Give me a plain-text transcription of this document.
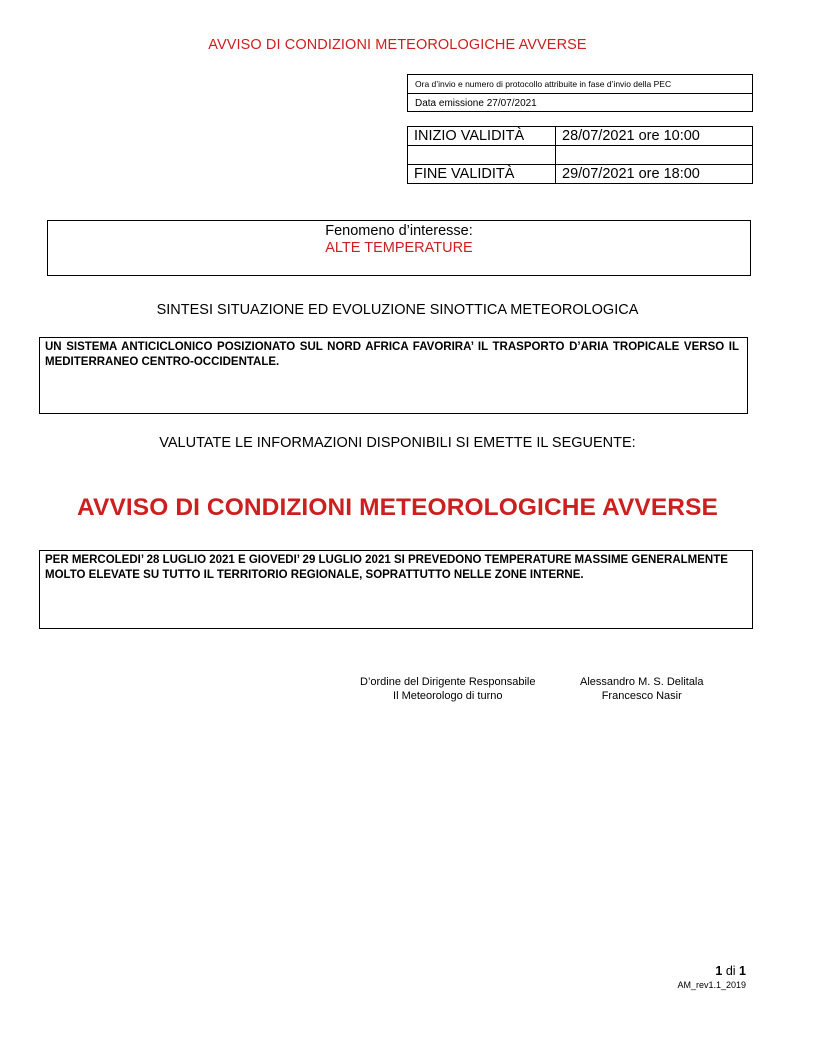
AVVISO DI CONDIZIONI METEOROLOGICHE AVVERSE
Ora d’invio e numero di protocollo attribuite in fase d’invio della PEC
Data emissione 27/07/2021
INIZIO VALIDITÀ	28/07/2021 ore 10:00

FINE VALIDITÀ	29/07/2021 ore 18:00
Fenomeno d’interesse:
ALTE TEMPERATURE
SINTESI SITUAZIONE ED EVOLUZIONE SINOTTICA METEOROLOGICA
UN SISTEMA ANTICICLONICO POSIZIONATO SUL NORD AFRICA FAVORIRA’ IL TRASPORTO D’ARIA TROPICALE VERSO IL MEDITERRANEO CENTRO-OCCIDENTALE.
VALUTATE LE INFORMAZIONI DISPONIBILI SI EMETTE IL SEGUENTE:
AVVISO DI CONDIZIONI METEOROLOGICHE AVVERSE
PER MERCOLEDI’ 28 LUGLIO 2021 E GIOVEDI’ 29 LUGLIO 2021 SI PREVEDONO TEMPERATURE MASSIME GENERALMENTE MOLTO ELEVATE SU TUTTO IL TERRITORIO REGIONALE, SOPRATTUTTO NELLE ZONE INTERNE.
D’ordine del Dirigente Responsabile
Il Meteorologo di turno
Alessandro M. S. Delitala
Francesco Nasir
1 di 1
AM_rev1.1_2019
